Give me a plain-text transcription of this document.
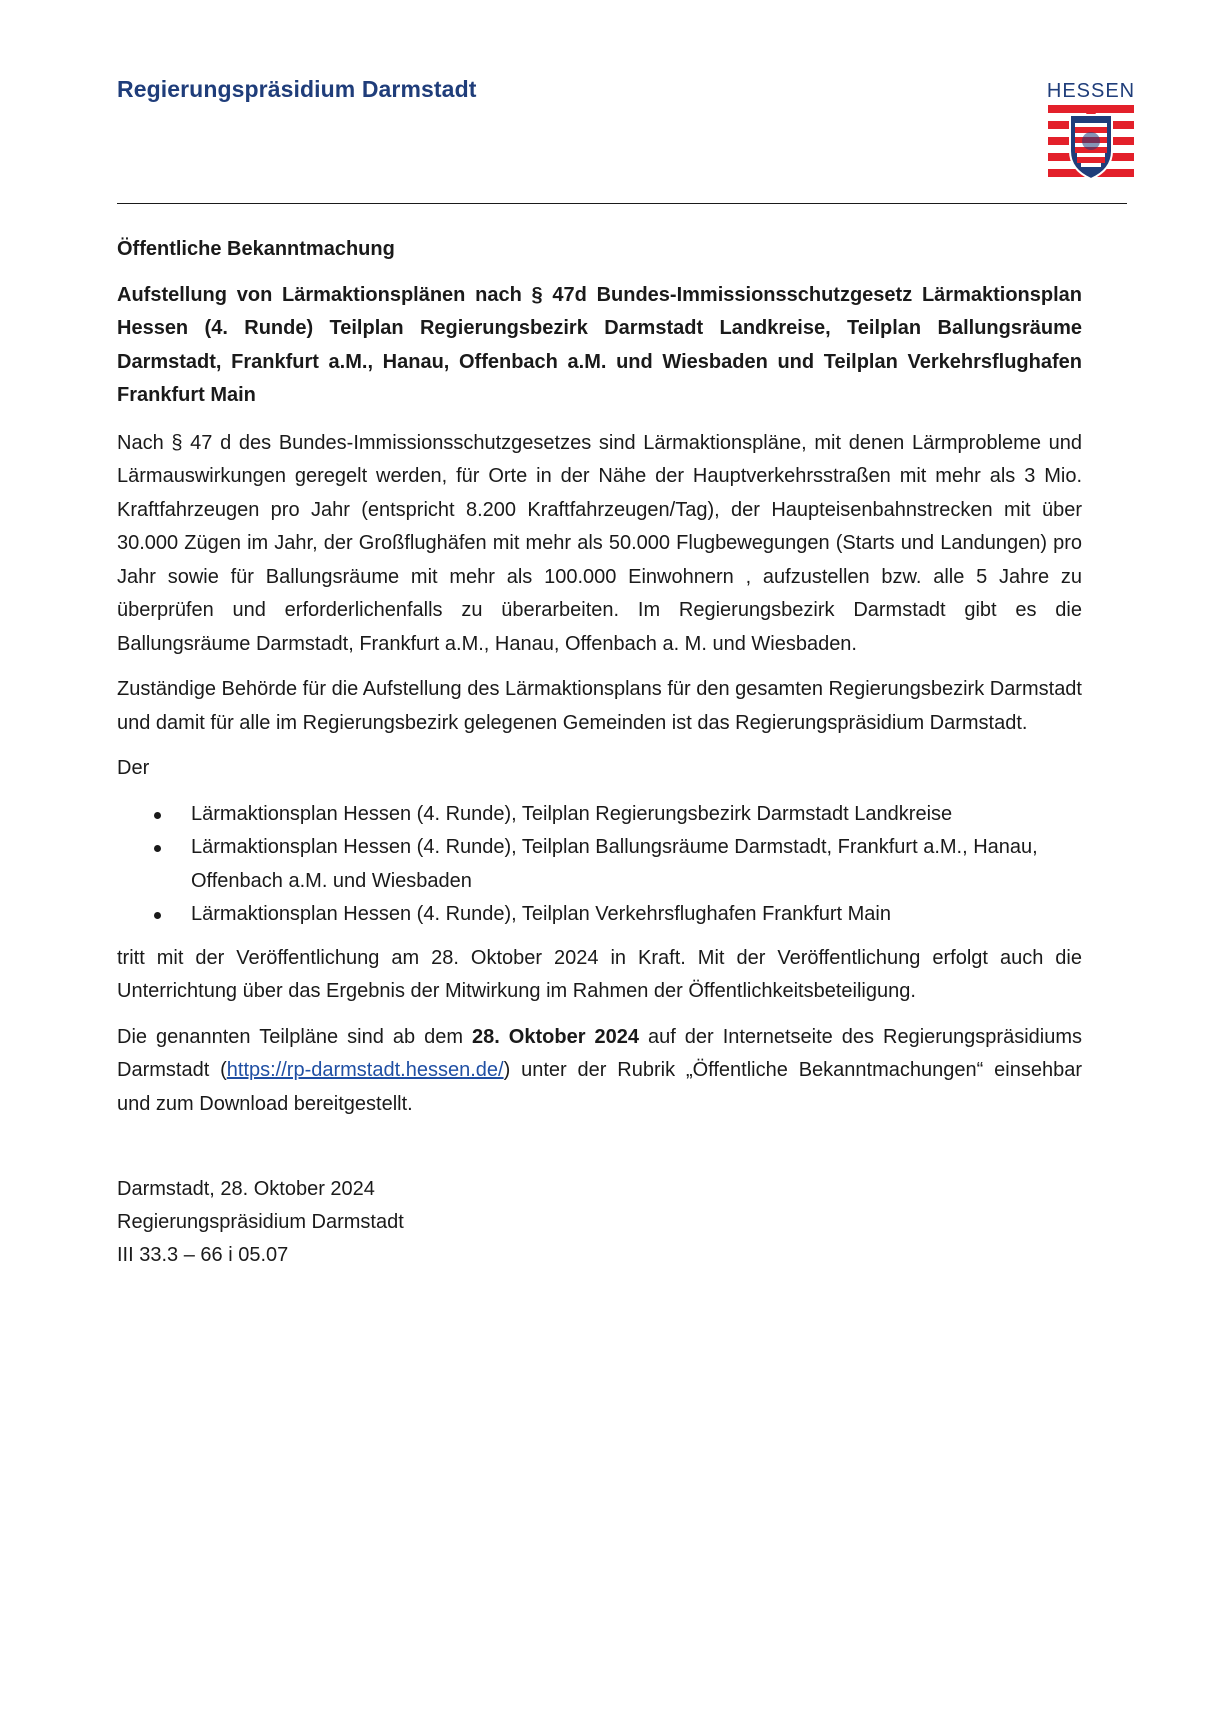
Regierungspräsidium Darmstadt	HESSEN

Öffentliche Bekanntmachung

Aufstellung von Lärmaktionsplänen nach § 47d Bundes-Immissionsschutzgesetz Lärmaktionsplan Hessen (4. Runde) Teilplan Regierungsbezirk Darmstadt Landkreise, Teilplan Ballungsräume Darmstadt, Frankfurt a.M., Hanau, Offenbach a.M. und Wiesbaden und Teilplan Verkehrsflughafen Frankfurt Main

Nach § 47 d des Bundes-Immissionsschutzgesetzes sind Lärmaktionspläne, mit denen Lärmprobleme und Lärmauswirkungen geregelt werden, für Orte in der Nähe der Hauptverkehrsstraßen mit mehr als 3 Mio. Kraftfahrzeugen pro Jahr (entspricht 8.200 Kraftfahrzeugen/Tag), der Haupteisenbahnstrecken mit über 30.000 Zügen im Jahr, der Großflughäfen mit mehr als 50.000 Flugbewegungen (Starts und Landungen) pro Jahr sowie für Ballungsräume mit mehr als 100.000 Einwohnern , aufzustellen bzw. alle 5 Jahre zu überprüfen und erforderlichenfalls zu überarbeiten. Im Regierungsbezirk Darmstadt gibt es die Ballungsräume Darmstadt, Frankfurt a.M., Hanau, Offenbach a. M. und Wiesbaden.

Zuständige Behörde für die Aufstellung des Lärmaktionsplans für den gesamten Regierungsbezirk Darmstadt und damit für alle im Regierungsbezirk gelegenen Gemeinden ist das Regierungspräsidium Darmstadt.

Der

Lärmaktionsplan Hessen (4. Runde), Teilplan Regierungsbezirk Darmstadt Landkreise
Lärmaktionsplan Hessen (4. Runde), Teilplan Ballungsräume Darmstadt, Frankfurt a.M., Hanau, Offenbach a.M. und Wiesbaden
Lärmaktionsplan Hessen (4. Runde), Teilplan Verkehrsflughafen Frankfurt Main

tritt mit der Veröffentlichung am 28. Oktober 2024 in Kraft. Mit der Veröffentlichung erfolgt auch die Unterrichtung über das Ergebnis der Mitwirkung im Rahmen der Öffentlichkeitsbeteiligung.

Die genannten Teilpläne sind ab dem 28. Oktober 2024 auf der Internetseite des Regierungspräsidiums Darmstadt (https://rp-darmstadt.hessen.de/) unter der Rubrik „Öffentliche Bekanntmachungen“ einsehbar und zum Download bereitgestellt.

Darmstadt, 28. Oktober 2024
Regierungspräsidium Darmstadt
III 33.3 – 66 i 05.07
